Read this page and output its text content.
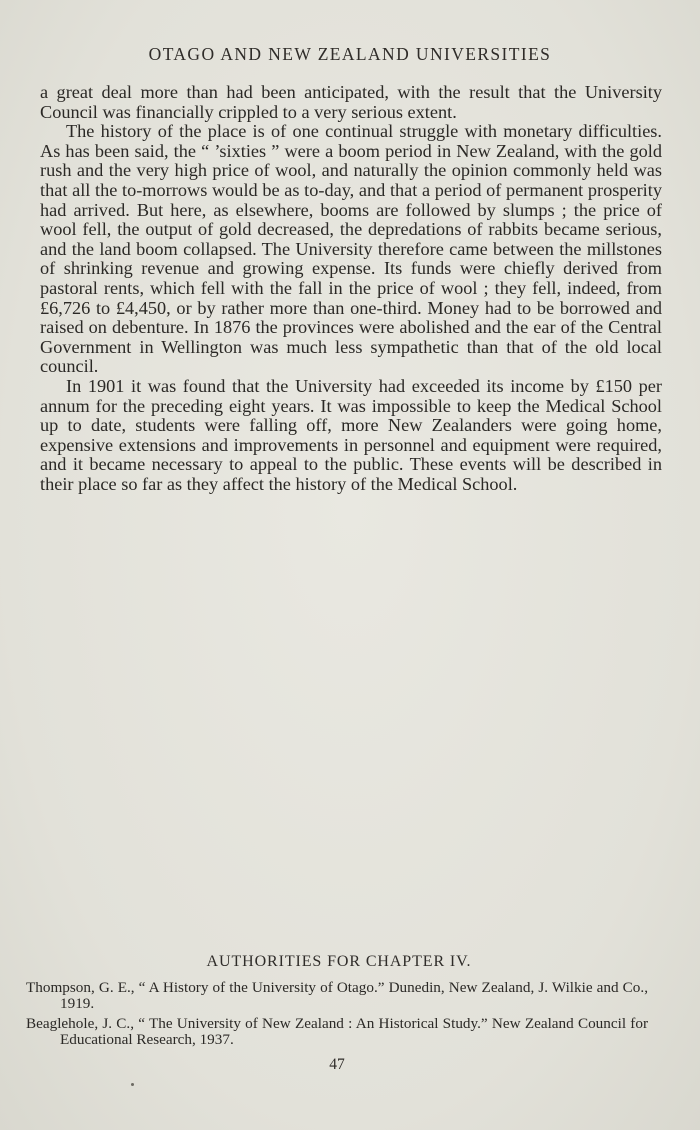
OTAGO AND NEW ZEALAND UNIVERSITIES

a great deal more than had been anticipated, with the result that the University Council was financially crippled to a very serious extent.

The history of the place is of one continual struggle with monetary difficulties. As has been said, the “ ’sixties ” were a boom period in New Zealand, with the gold rush and the very high price of wool, and naturally the opinion commonly held was that all the to-morrows would be as to-day, and that a period of permanent prosperity had arrived. But here, as elsewhere, booms are followed by slumps ; the price of wool fell, the output of gold decreased, the depredations of rabbits became serious, and the land boom collapsed. The University therefore came between the millstones of shrinking revenue and growing expense. Its funds were chiefly derived from pastoral rents, which fell with the fall in the price of wool ; they fell, indeed, from £6,726 to £4,450, or by rather more than one-third. Money had to be borrowed and raised on debenture. In 1876 the provinces were abolished and the ear of the Central Government in Wellington was much less sympathetic than that of the old local council.

In 1901 it was found that the University had exceeded its income by £150 per annum for the preceding eight years. It was impossible to keep the Medical School up to date, students were falling off, more New Zealanders were going home, expensive extensions and improvements in personnel and equipment were required, and it became necessary to appeal to the public. These events will be described in their place so far as they affect the history of the Medical School.

AUTHORITIES FOR CHAPTER IV.

Thompson, G. E., “ A History of the University of Otago.” Dunedin, New Zealand, J. Wilkie and Co., 1919.

Beaglehole, J. C., “ The University of New Zealand : An Historical Study.” New Zealand Council for Educational Research, 1937.

47
